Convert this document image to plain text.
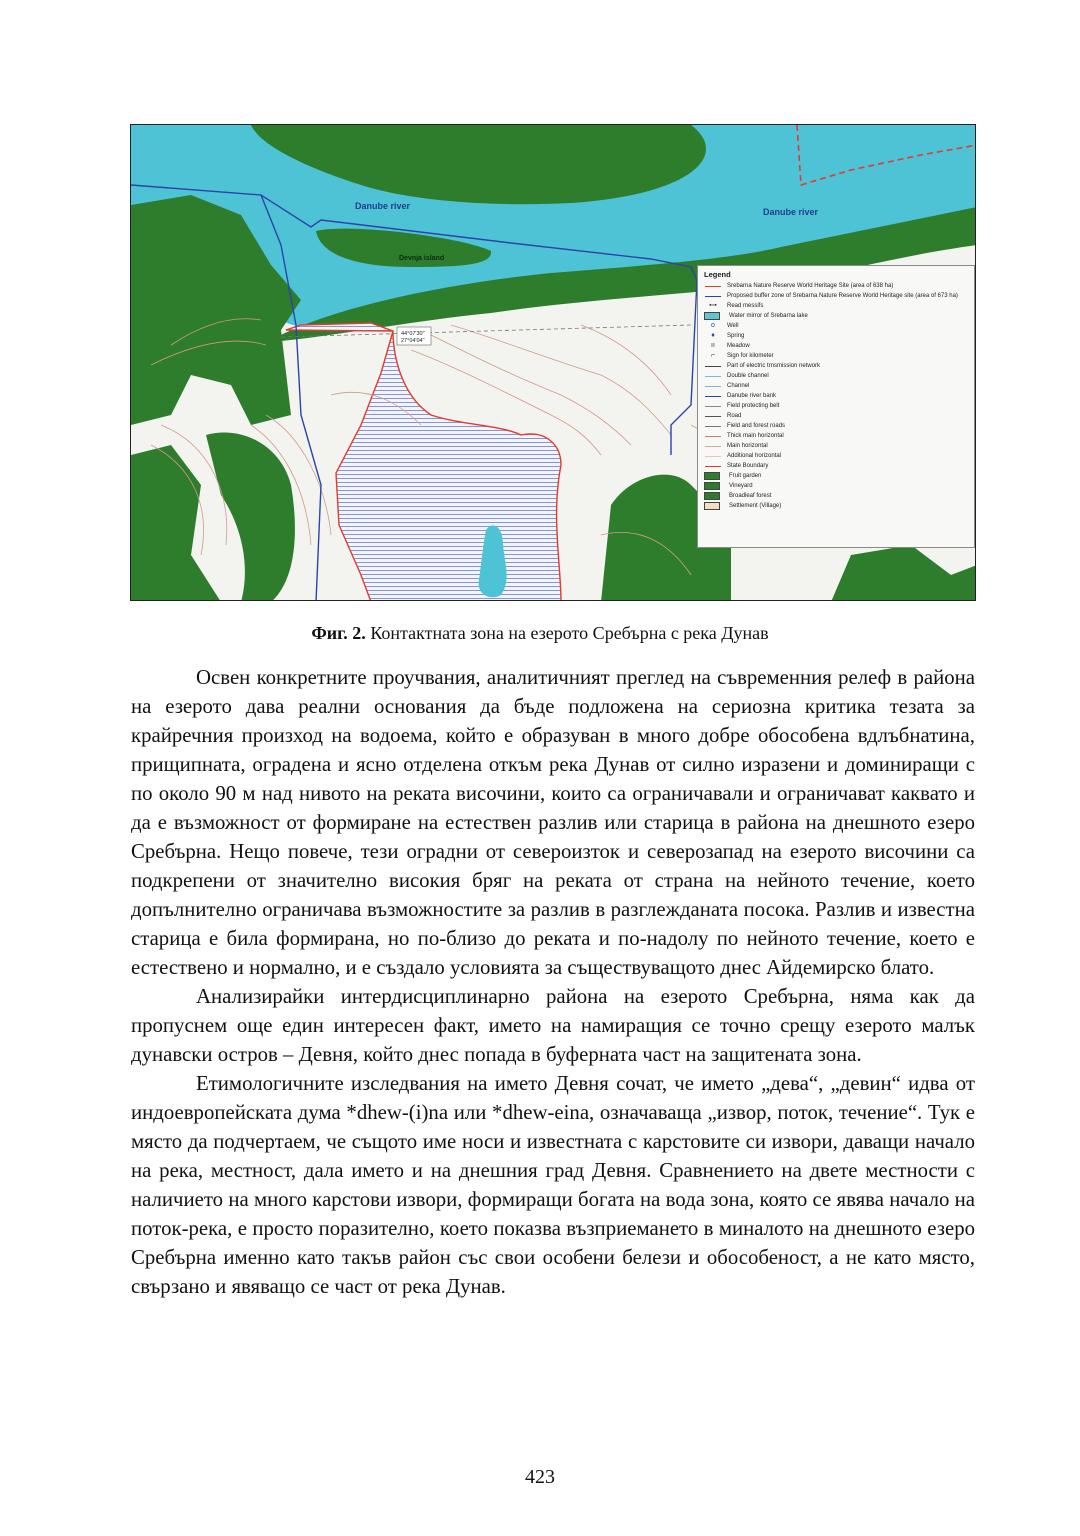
Danube river
Danube river
Devnja island
44°07'30" 27°04'04"
Legend
Srebarna Nature Reserve World Heritage Site (area of 638 ha)
Proposed buffer zone of Srebarna Nature Reserve World Heritage site (area of 673 ha)
▪▫▪	Read messifs
Water mirror of Srebarna lake
o	Well
♦	Spring
ıı	Meadow
⌐	Sign for kilometer
Part of electric trnsmission network
Double channel
Channel
Danube river bank
Field protecting belt
Road
Field and forest roads
Thick main horizontal
Main horizontal
Additional horizontal
State Boundary
Fruit garden
Vineyard
Broadleaf forest
Settlement (Village)
Фиг. 2. Контактната зона на езерото Сребърна с река Дунав

Освен конкретните проучвания, аналитичният преглед на съвременния релеф в района на езерото дава реални основания да бъде подложена на сериозна критика тезата за крайречния произход на водоема, който е образуван в много добре обособена вдлъбнатина, прищипната, оградена и ясно отделена откъм река Дунав от силно изразени и доминиращи с по около 90 м над нивото на реката височини, които са ограничавали и ограничават каквато и да е възможност от формиране на естествен разлив или старица в района на днешното езеро Сребърна. Нещо повече, тези оградни от североизток и северозапад на езерото височини са подкрепени от значително високия бряг на реката от страна на нейното течение, което допълнително ограничава възможностите за разлив в разглежданата посока. Разлив и известна старица е била формирана, но по-близо до реката и по-надолу по нейното течение, което е естествено и нормално, и е създало условията за съществуващото днес Айдемирско блато.

Анализирайки интердисциплинарно района на езерото Сребърна, няма как да пропуснем още един интересен факт, името на намиращия се точно срещу езерото малък дунавски остров – Девня, който днес попада в буферната част на защитената зона.

Етимологичните изследвания на името Девня сочат, че името „дева“, „девин“ идва от индоевропейската дума *dhew-(i)na или *dhew-eina, означаваща „извор, поток, течение“. Тук е място да подчертаем, че същото име носи и известната с карстовите си извори, даващи начало на река, местност, дала името и на днешния град Девня. Сравнението на двете местности с наличието на много карстови извори, формиращи богата на вода зона, която се явява начало на поток-река, е просто поразително, което показва възприемането в миналото на днешното езеро Сребърна именно като такъв район със свои особени белези и обособеност, а не като място, свързано и явяващо се част от река Дунав.

423
